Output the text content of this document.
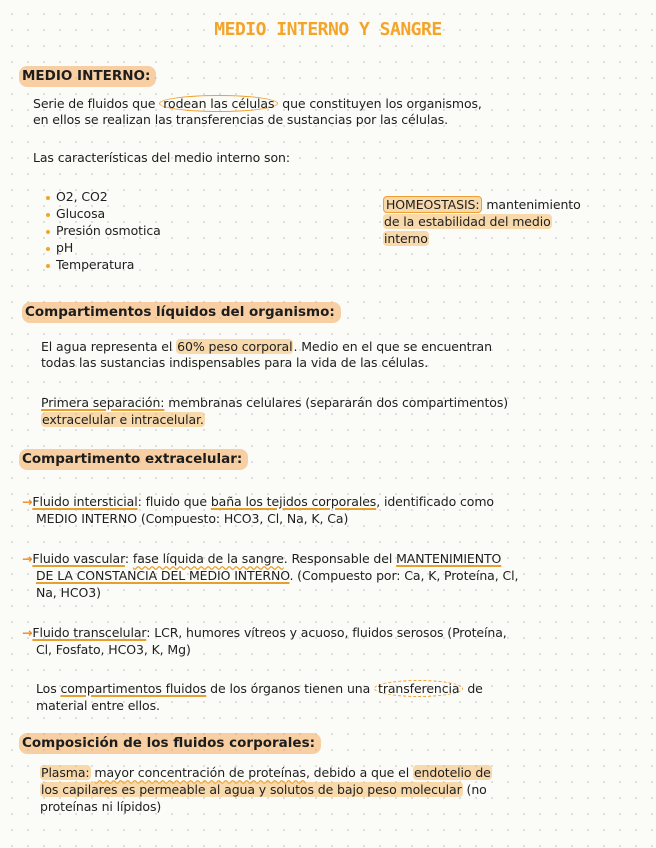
MEDIO INTERNO Y SANGRE
MEDIO INTERNO:
Serie de fluidos que rodean las células que constituyen los organismos,
en ellos se realizan las transferencias de sustancias por las células.
Las características del medio interno son:
O2, CO2
Glucosa
Presión osmotica
pH
Temperatura
HOMEOSTASIS: mantenimiento
de la estabilidad del medio
interno
Compartimentos líquidos del organismo:
El agua representa el 60% peso corporal. Medio en el que se encuentran
todas las sustancias indispensables para la vida de las células.
Primera separación: membranas celulares (separarán dos compartimentos)
extracelular e intracelular.
Compartimento extracelular:
→Fluido intersticial: fluido que baña los tejidos corporales, identificado como
MEDIO INTERNO (Compuesto: HCO3, Cl, Na, K, Ca)
→Fluido vascular: fase líquida de la sangre. Responsable del MANTENIMIENTO
DE LA CONSTANCIA DEL MEDIO INTERNO. (Compuesto por: Ca, K, Proteína, Cl,
Na, HCO3)
→Fluido transcelular: LCR, humores vítreos y acuoso, fluidos serosos (Proteína,
Cl, Fosfato, HCO3, K, Mg)
Los compartimentos fluidos de los órganos tienen una transferencia de
material entre ellos.
Composición de los fluidos corporales:
Plasma: mayor concentración de proteínas, debido a que el endotelio de
los capilares es permeable al agua y solutos de bajo peso molecular (no
proteínas ni lípidos)
